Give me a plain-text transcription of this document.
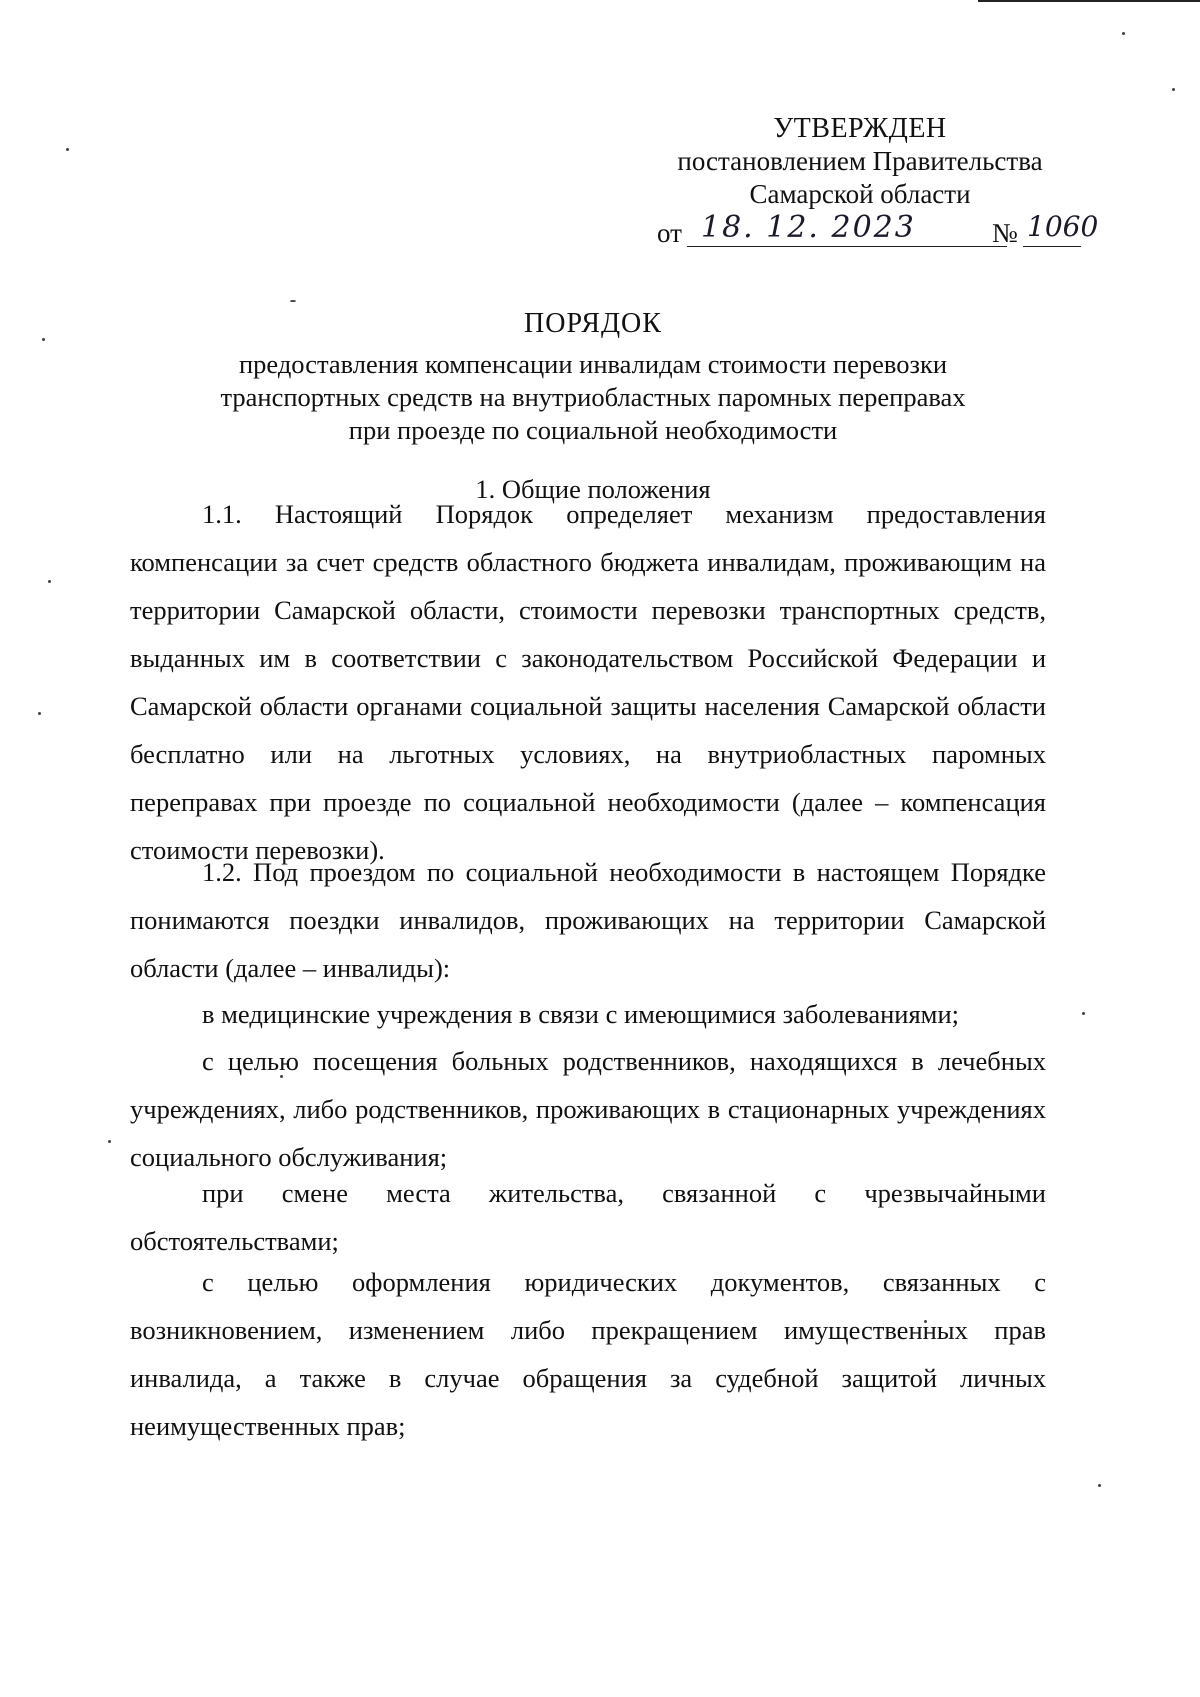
УТВЕРЖДЕН
постановлением Правительства
Самарской области
от 18. 12. 2023	№ 1060
ПОРЯДОК
предоставления компенсации инвалидам стоимости перевозки
транспортных средств на внутриобластных паромных переправах
при проезде по социальной необходимости
1. Общие положения

1.1. Настоящий Порядок определяет механизм предоставления компенсации за счет средств областного бюджета инвалидам, проживающим на территории Самарской области, стоимости перевозки транспортных средств, выданных им в соответствии с законодательством Российской Федерации и Самарской области органами социальной защиты населения Самарской области бесплатно или на льготных условиях, на внутриобластных паромных переправах при проезде по социальной необходимости (далее – компенсация стоимости перевозки).

1.2. Под проездом по социальной необходимости в настоящем Порядке понимаются поездки инвалидов, проживающих на территории Самарской области (далее – инвалиды):

в медицинские учреждения в связи с имеющимися заболеваниями;

с целью посещения больных родственников, находящихся в лечебных учреждениях, либо родственников, проживающих в стационарных учреждениях социального обслуживания;

при смене места жительства, связанной с чрезвычайными обстоятельствами;

с целью оформления юридических документов, связанных с возникновением, изменением либо прекращением имущественных прав инвалида, а также в случае обращения за судебной защитой личных неимущественных прав;
